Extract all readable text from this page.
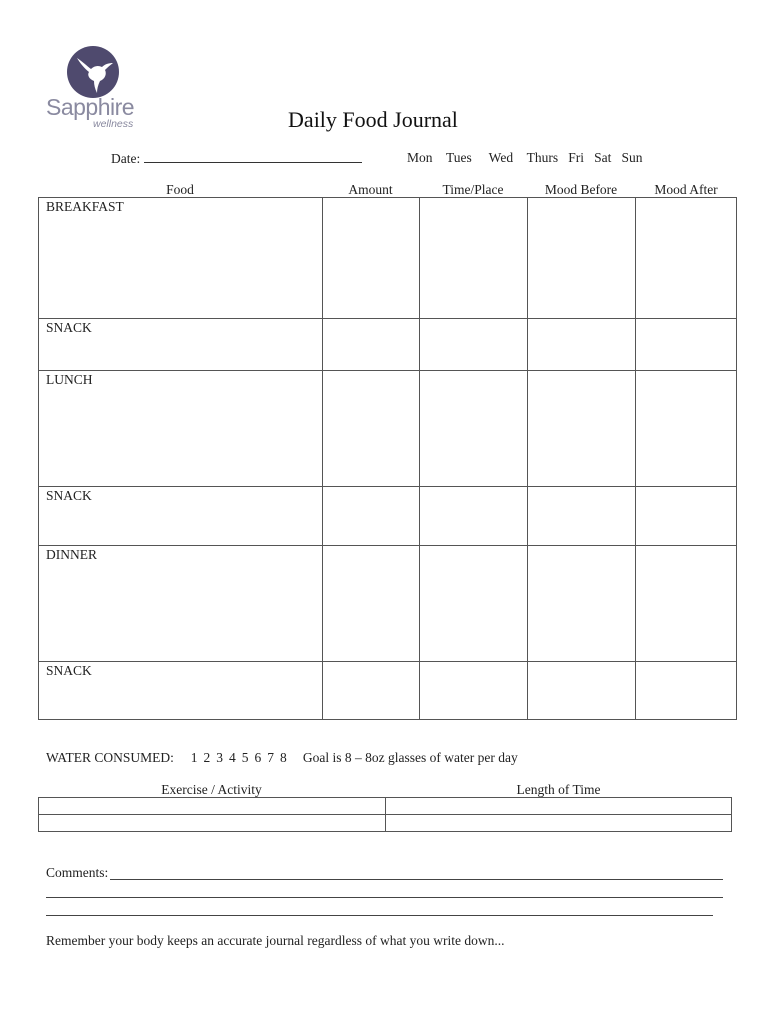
Sapphire
wellness	Daily Food Journal
Date:	Mon Tues Wed Thurs Fri Sat Sun
Food	Amount	Time/Place	Mood Before	Mood After
BREAKFAST
SNACK
LUNCH
SNACK
DINNER
SNACK
WATER CONSUMED: 1 2 3 4 5 6 7 8 Goal is 8 – 8oz glasses of water per day
Exercise / Activity	Length of Time
Comments:
Remember your body keeps an accurate journal regardless of what you write down...
